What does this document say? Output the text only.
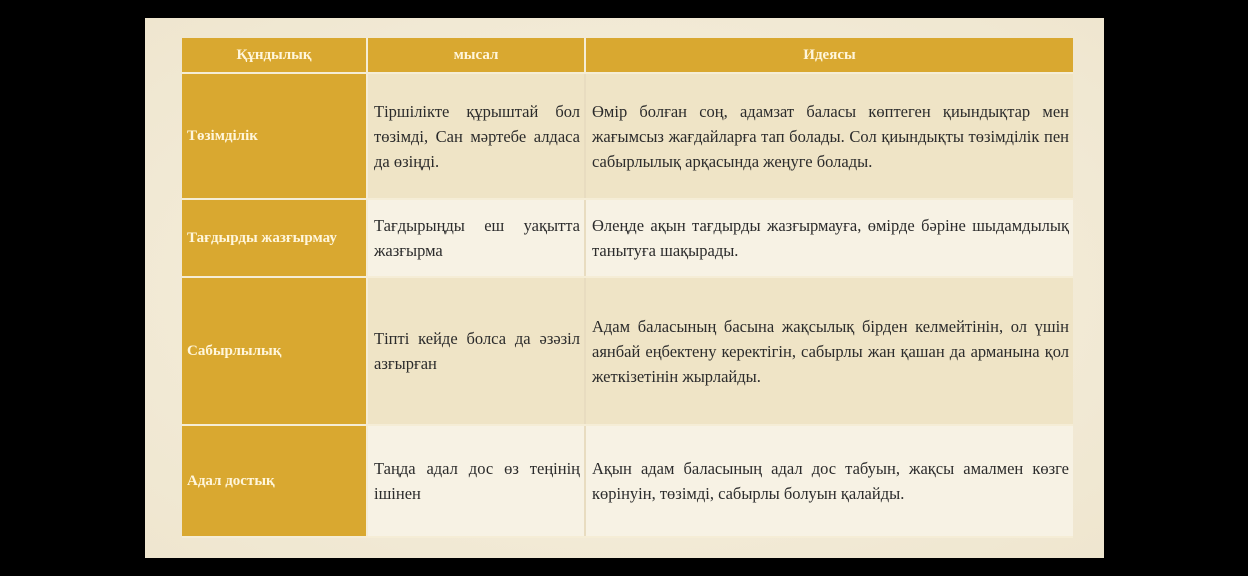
Құндылық	мысал	Идеясы
Төзімділік	Тіршілікте құрыштай бол төзімді, Сан мәртебе алдаса да өзіңді.	Өмір болған соң, адамзат баласы көптеген қиындықтар мен жағымсыз жағдайларға тап болады. Сол қиындықты төзімділік пен сабырлылық арқасында жеңуге болады.
Тағдырды жазғырмау	Тағдырыңды еш уақытта жазғырма	Өлеңде ақын тағдырды жазғырмауға, өмірде бәріне шыдамдылық танытуға шақырады.
Сабырлылық	Тіпті кейде болса да әзәзіл азғырған	Адам баласының басына жақсылық бірден келмейтінін, ол үшін аянбай еңбектену керектігін, сабырлы жан қашан да арманына қол жеткізетінін жырлайды.
Адал достық	Таңда адал дос өз теңінің ішінен	Ақын адам баласының адал дос табуын, жақсы амалмен көзге көрінуін, төзімді, сабырлы болуын қалайды.
